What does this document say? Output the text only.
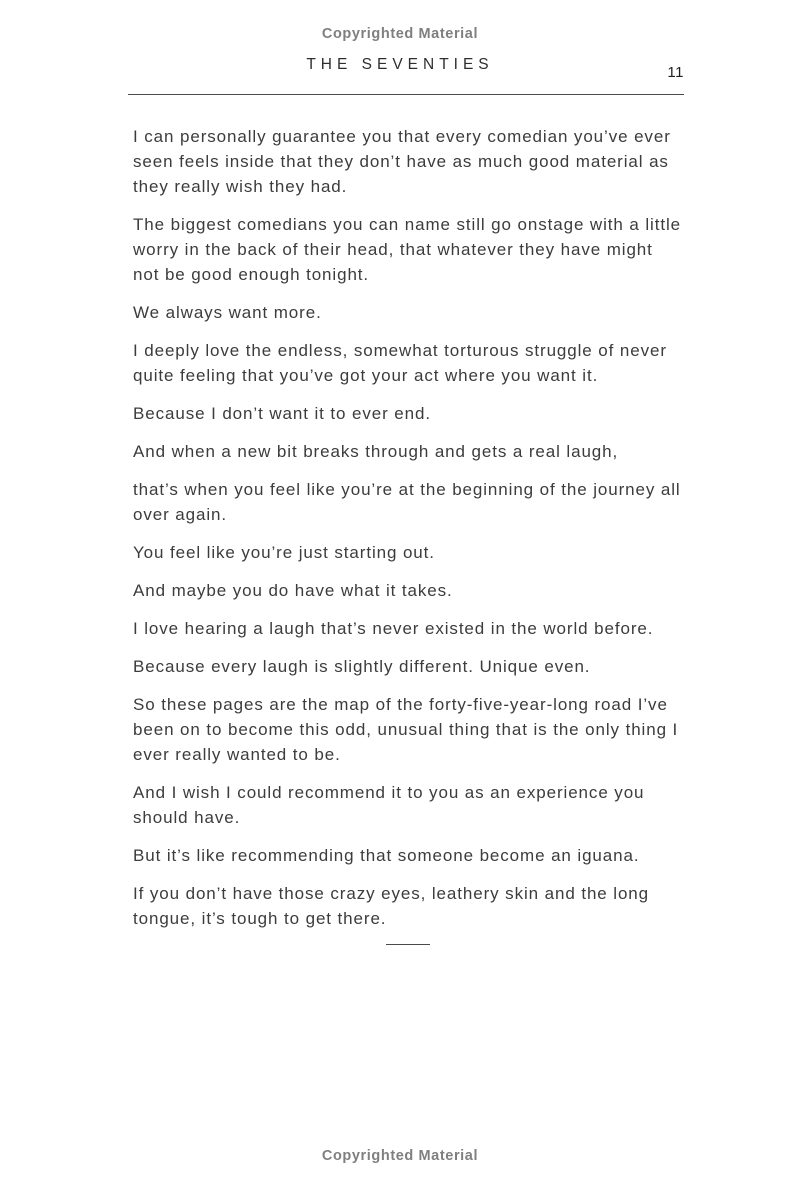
Copyrighted Material
THE SEVENTIES	11

I can personally guarantee you that every comedian you’ve ever seen feels inside that they don’t have as much good material as they really wish they had.

The biggest comedians you can name still go onstage with a little worry in the back of their head, that whatever they have might not be good enough tonight.

We always want more.

I deeply love the endless, somewhat torturous struggle of never quite feeling that you’ve got your act where you want it.

Because I don’t want it to ever end.

And when a new bit breaks through and gets a real laugh,

that’s when you feel like you’re at the beginning of the journey all over again.

You feel like you’re just starting out.

And maybe you do have what it takes.

I love hearing a laugh that’s never existed in the world before.

Because every laugh is slightly different. Unique even.

So these pages are the map of the forty-five-year-long road I’ve been on to become this odd, unusual thing that is the only thing I ever really wanted to be.

And I wish I could recommend it to you as an experience you should have.

But it’s like recommending that someone become an iguana.

If you don’t have those crazy eyes, leathery skin and the long tongue, it’s tough to get there.

Copyrighted Material
